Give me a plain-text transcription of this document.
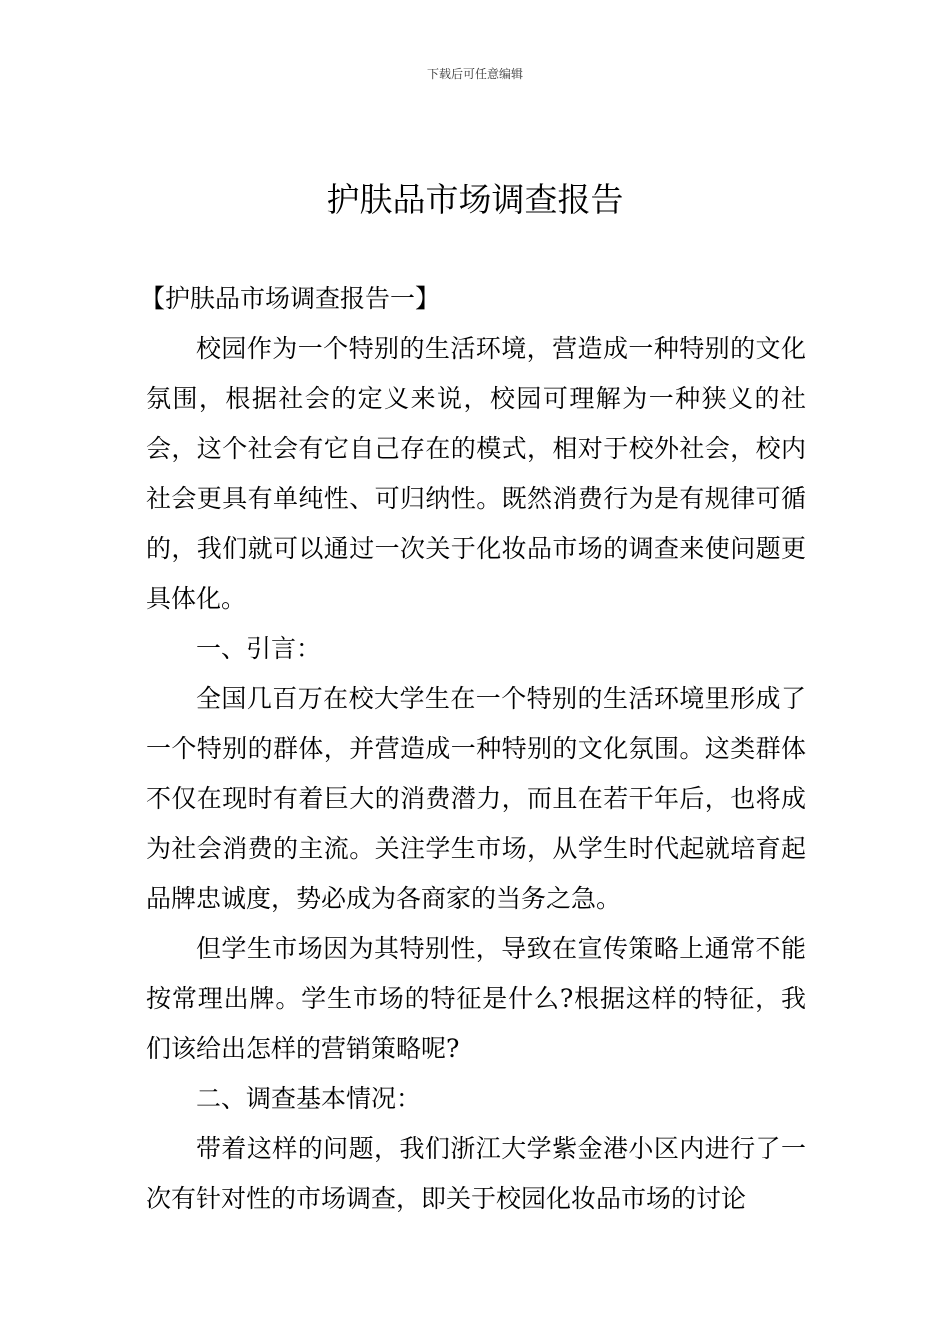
下载后可任意编辑
护肤品市场调查报告

【护肤品市场调查报告一】

校园作为一个特别的生活环境，营造成一种特别的文化氛围，根据社会的定义来说，校园可理解为一种狭义的社会，这个社会有它自己存在的模式，相对于校外社会，校内社会更具有单纯性、可归纳性。既然消费行为是有规律可循的，我们就可以通过一次关于化妆品市场的调查来使问题更具体化。

一、引言：

全国几百万在校大学生在一个特别的生活环境里形成了一个特别的群体，并营造成一种特别的文化氛围。这类群体不仅在现时有着巨大的消费潜力，而且在若干年后，也将成为社会消费的主流。关注学生市场，从学生时代起就培育起品牌忠诚度，势必成为各商家的当务之急。

但学生市场因为其特别性，导致在宣传策略上通常不能按常理出牌。学生市场的特征是什么?根据这样的特征，我们该给出怎样的营销策略呢?

二、调查基本情况：

带着这样的问题，我们浙江大学紫金港小区内进行了一次有针对性的市场调查，即关于校园化妆品市场的讨论
